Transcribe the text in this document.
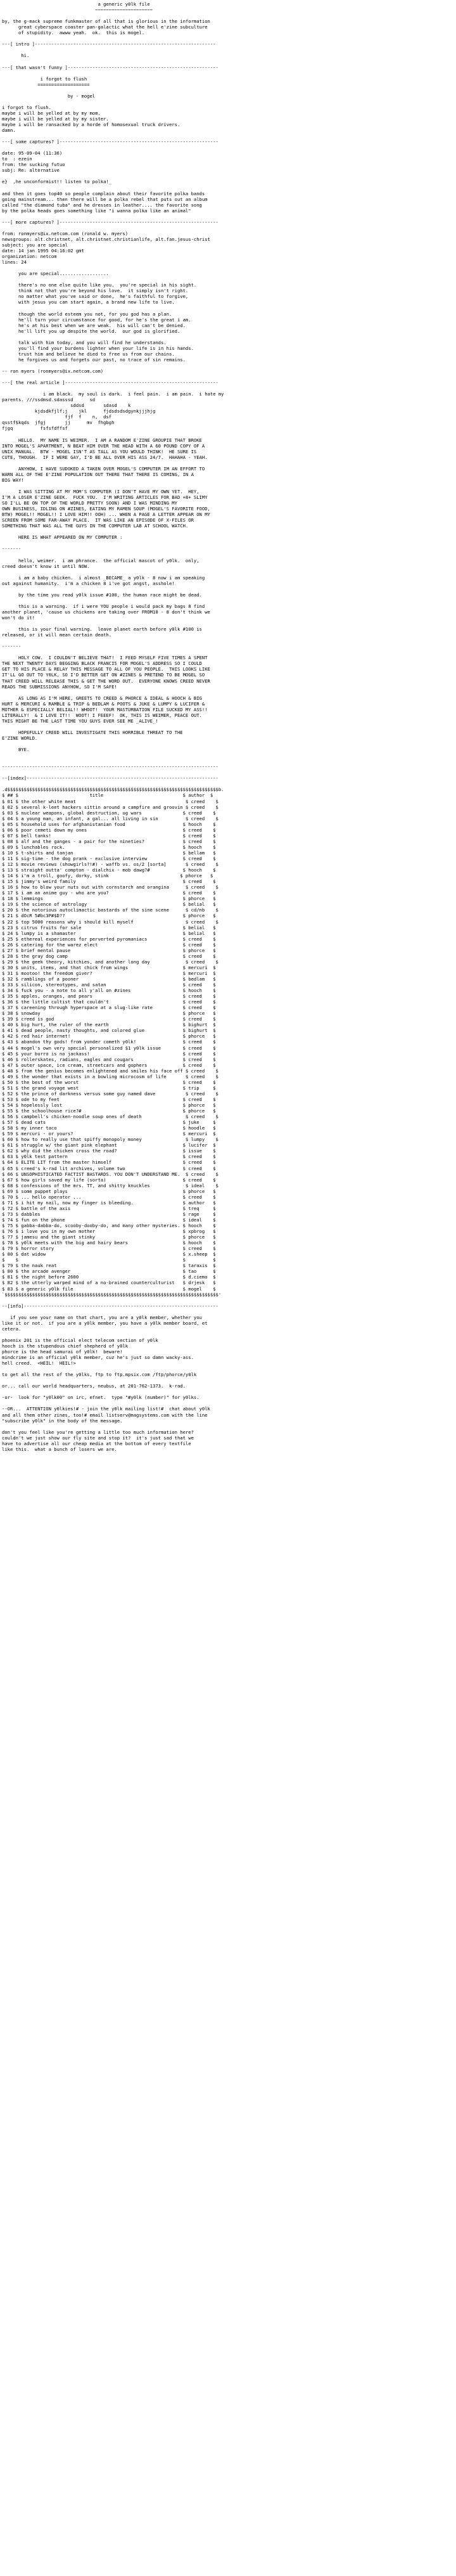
a generic y0lk file
~~~~~~~~~~~~~~~~~~~~~

by, the g-mack supreme funkmaster of all that is glorious in the information
great cyberspace coaster pan-galactic what the hell e'zine subculture
of stupidity.  awww yeah.  ok.  this is mogel.

---[ intro ]------------------------------------------------------------------

hi.

---[ that wasn't funny ]-------------------------------------------------------

i forgot to flush
===================

by - mogel

i forgot to flush.
maybe i will be yelled at by my mom.
maybe i will be yelled at by my sister.
maybe i will be ransacked by a horde of homosexual truck drivers.
damn.

---[ some captures? ]----------------------------------------------------------

date: 95-09-04 (11:36)
to  : ezein
from: the sucking futuo
subj: Re: alternative

e}  ,he unconformist!! listen to polka!_

and then it goes top40 so people complain about their favorite polka bands
going mainstream... then there will be a polka rebel that puts out an album
called "the diamond tuba" and he dresses in leather.... the favorite song
by the polka heads goes something like "i wanna polka like an animal"

---[ more captures? ]----------------------------------------------------------

from: ronmyers@ix.netcom.com (ronald w. myers)
newsgroups: alt.christnet, alt.christnet.christianlife, alt.fan.jesus-christ
subject: you are special
date: 14 jan 1995 04:16:02 gmt
organization: netcom
lines: 24

you are special..................

there's no one else quite like you.  you're special in his sight.
think not that you're beyond his love.  it simply isn't right.
no matter what you've said or done,  he's faithful to forgive,
with jesus you can start again, a brand new life to live.

though the world esteem you not, for you god has a plan.
he'll turn your circumstance for good, for he's the great i am.
he's at his best when we are weak.  his will can't be denied.
he'll lift you up despite the world.  our god is glorified.

talk with him today, and you will find he understands.
you'll find your burdens lighter when your life is in his hands.
trust him and believe he died to free us from our chains.
he forgives us and forgets our past, no trace of sin remains.

-- ron myers (ronmyers@ix.netcom.com)

---[ the real article ]--------------------------------------------------------

i am black.  my soul is dark.  i feel pain.  i am pain.  i hate my
parents. ///ssdmsd.sdasssd      sd
sddsd       sdasd    k
kjdsdkfjlf;j    jkl      fjdsdsdsdgynkjjjhjg
fjf  f    n,  dsf
qsstf$kqds  jfgj       jj      mv  fhgbgh
fjgq          fsfsfdffsf

HELLO.  MY NAME IS WEIMER.  I AM A RANDOM E'ZINE GROUPIE THAT BROKE
INTO MOGEL'S APARTMENT, N BEAT HIM OVER THE HEAD WITH A 60 POUND COPY OF A
UNIX MANUAL.  BTW - MOGEL ISN'T AS TALL AS YOU WOULD THINK!  HE SURE IS
CUTE, THOUGH.  IF I WERE GAY, I'D BE ALL OVER HIS ASS 24/7.  HAHAHA - YEAH.

ANYHOW, I HAVE SUDOKED A TAKEN OVER MOGEL'S COMPUTER IM AN EFFORT TO
WARN ALL OF THE E'ZINE POPULATION OUT THERE THAT THERE IS COMING, IN A
BIG WAY!

I WAS SITTING AT MY MOM'S COMPUTER (I DON'T HAVE MY OWN YET.  HEY,
I'M A LOSER E'ZINE GEEK.  FUCK YOU.  I'M WRITING ARTICLES FOR BAD +8+ SLIMY
SO I'LL BE ON TOP OF THE WORLD PRETTY SOON) AND I WAS MINDING MY
OWN BUSINESS, IDLING ON #ZINES, EATING MY RAMEN SOUP (MOGEL'S FAVORITE FOOD,
BTW) MOGEL!! MOGEL!! I LOVE HIM!! OOH) ... WHEN A PAGE A LETTER APPEAR ON MY
SCREEN FROM SOME FAR-AWAY PLACE.  IT WAS LIKE AN EPISODE OF X-FILES OR
SOMETHING THAT WAS ALL THE GUYS IN THE COMPUTER LAB AT SCHOOL WATCH.

HERE IS WHAT APPEARED ON MY COMPUTER :

-------

hello, weimer.  i am phrance.  the official mascot of y0lk.  only,
creed doesn't know it until NOW.

i am a baby chicken.  i almost _BECAME_ a y0lk - 8 now i am speaking
out against humanity.  i'm a chicken 8 i've got angst, asshole!

by the time you read y0lk issue #100, the human race might be dead.

this is a warning.  if i were YOU people i would pack my bags 8 find
another planet, 'cause us chickens are taking over FROM10 - 8 don't think we
won't do it!

this is your final warning.  leave planet earth before y0lk #100 is
released, or it will mean certain death.

-------

HOLY COW.  I COULDN'T BELIEVE THAT!  I FEED MYSELF FIVE TIMES A SPENT
THE NEXT TWENTY DAYS BEGGING BLACK FRANCIS FOR MOGEL'S ADDRESS SO I COULD
GET TO HIS PLACE & RELAY THIS MESSAGE TO ALL OF YOU PEOPLE.  THIS LOOKS LIKE
IT'LL GO OUT TO Y0LK, SO I'D BETTER GET ON #ZINES & PRETEND TO BE MOGEL SO
THAT CREED WILL RELEASE THIS & GET THE WORD OUT.  EVERYONE KNOWS CREED NEVER
READS THE SUBMISSIONS ANYHOW, SO I'M SAFE!

AS LONG AS I'M HERE, GREETS TO CREED & PHORCE & IDEAL & HOOCH & BIG
HURT & MERCURI & RAMBLE & TRIP & BEDLAM & POOTS & JUKE & LUMPY & LUCIFER &
MOTHER & ESPECIALLY BELIAL!! WHOOT!  YOUR MASTURBATION FILE SUCKED MY ASS!!
LITERALLY!  & I LOVE IT!!  WOOT! I FEEEF!  OK, THIS IS WEIMER, PEACE OUT.
THIS MIGHT BE THE LAST TIME YOU GUYS EVER SEE ME _ALIVE_!

HOPEFULLY CREED WILL INVESTIGATE THIS HORRIBLE THREAT TO THE
E'ZINE WORLD.

BYE.

-------------------------------------------------------------------------------

--[index]----------------------------------------------------------------------

.d$$$$$$$$$$$$$$$$$$$$$$$$$$$$$$$$$$$$$$$$$$$$$$$$$$$$$$$$$$$$$$$$$$$$$$$$$$$$$b.
$ ## $                          title                             $ author  $
$ 01 $ the other white meat                                        $ creed    $
$ 02 $ several k-leet hackers sittin around a campfire and groovin $ creed    $
$ 03 $ nuclear weapons, global destruction, ug wars               $ creed    $
$ 04 $ a young man, an infant, a gal... all living in sin          $ creed    $
$ 05 $ household uses for afghanistanian food                     $ hooch    $
$ 06 $ poor cemeti down my ones                                   $ creed    $
$ 07 $ bell tanks!                                                $ creed    $
$ 08 $ alf and the ganges - a pair for the nineties?              $ creed    $
$ 09 $ lunchables rock.                                           $ hooch    $
$ 10 $ t-shirts and tanjan                                        $ bellam   $
$ 11 $ sig-time - the dog prank - exclusive interview             $ creed    $
$ 12 $ movie reviews (showgirls?!#) - waffb vs. os/2 [sorta]       $ creed    $
$ 13 $ straight outta' compton - dialchix - mob dawg?#            $ hooch    $
$ 14 $ i'm a troll, goofy, dorky, stink                          $ phorce   $
$ 15 $ jimmy's weird family                                       $ creed    $
$ 16 $ how to blow your nuts out with cornstarch and orangina      $ creed    $
$ 17 $ i am an anime guy - who are you?                           $ creed    $
$ 18 $ lemmings                                                   $ phorce   $
$ 19 $ the science of astrology                                   $ belial   $
$ 20 $ the notorious autoclimactic bastards of the sine scene      $ cd/nb    $
$ 21 $ dOcR 5#bc3P#$D??                                           $ phorce   $
$ 22 $ top 5000 reasons why i should kill myself                   $ creed    $
$ 23 $ citrus fruits for sale                                     $ belial   $
$ 24 $ lumpy is a shamaster                                       $ belial   $
$ 25 $ ethereal experiences for perverted pyromaniacs             $ creed    $
$ 26 $ catering for the warez elect                               $ creed    $
$ 27 $ brief mental pause                                         $ phorce   $
$ 28 $ the gray dog camp                                          $ creed    $
$ 29 $ the geek theory, kitchies, and another long day             $ creed    $
$ 30 $ units, items, and that chick from wings                    $ mercuri  $
$ 31 $ mootoo! the freedom giver?                                 $ mercuri  $
$ 32 $ ramblings of a pooner                                      $ bedlam   $
$ 33 $ silicon, stereotypes, and satan                            $ creed    $
$ 34 $ fuck you - a note to all y'all on #zines                   $ hooch    $
$ 35 $ apples, oranges, and pears                                 $ creed    $
$ 36 $ the little cultist that couldn't                           $ creed    $
$ 37 $ careening through hyperspace at a slug-like rate           $ creed    $
$ 38 $ snowday                                                    $ phorce   $
$ 39 $ creed is god                                               $ creed    $
$ 40 $ big hurt, the ruler of the earth                           $ bighurt  $
$ 41 $ dead people, nasty thoughts, and colored glue              $ bighurt  $
$ 42 $ red hair internet!                                         $ phorce   $
$ 43 $ abandon thy gods! from yonder cometh y0lk!                 $ creed    $
$ 44 $ mogel's own very special personalized $1 y0lk issue        $ creed    $
$ 45 $ your burro is no jackass!                                  $ creed    $
$ 46 $ rollerskates, radians, eagles and cougars                  $ creed    $
$ 47 $ outer space, ice cream, streetcars and gophers             $ creed    $
$ 48 $ from the genius becomes enlightened and smiles his face off $ creed    $
$ 49 $ the wonder that exists in a bowling microcosm of life       $ creed    $
$ 50 $ the best of the worst                                      $ creed    $
$ 51 $ the grand voyage west                                      $ trip     $
$ 52 $ the prince of darkness versus some guy named dave           $ creed    $
$ 53 $ ode to my feet                                             $ creed    $
$ 54 $ hopelessly lost                                            $ phorce   $
$ 55 $ the schoolhouse rice?#                                     $ phorce   $
$ 56 $ campbell's chicken-noodle soup ones of death                $ creed    $
$ 57 $ dead cats                                                  $ juke     $
$ 58 $ my inner taco                                              $ hoodle   $
$ 59 $ mercuri - or yours?                                        $ mercuri  $
$ 60 $ how to really use that spiffy monopoly money                $ lumpy    $
$ 61 $ struggle w/ the giant pink elephant                        $ lucifer  $
$ 62 $ why did the chicken cross the road?                        $ issue    $
$ 63 $ y0lk test pattern                                          $ creed    $
$ 64 $ ELITE LIT from the master himself                          $ creed    $
$ 65 $ creed's k-rad lit archives, volume two                     $ creed    $
$ 66 $ UNSOPHISTICATED FACTIST BASTARDS. YOU DON'T UNDERSTAND ME.  $ creed    $
$ 67 $ how girls saved my life (sorta)                            $ creed    $
$ 68 $ confessions of the mrs. TT, and shitty knuckles             $ ideal    $
$ 69 $ some puppet plays                                          $ phorce   $
$ 70 $ ... hello operator ...                                     $ creed    $
$ 71 $ i hit my nail, now my finger is bleeding.                  $ author   $
$ 72 $ battle of the axis                                         $ treq     $
$ 73 $ dabbles                                                    $ rage     $
$ 74 $ fun on the phone                                           $ ideal    $
$ 75 $ gabba-dabba-do, scooby-dooby-do, and many other mysteries. $ hooch    $
$ 76 $ i love you in my own mother                                $ xpbrog   $
$ 77 $ jamesu and the giant stinky                                $ phorce   $
$ 78 $ y0lk meets with the big and hairy bears                    $ hooch    $
$ 79 $ horror story                                               $ creed    $
$ 80 $ dat widow                                                  $ x.sheep  $
$    $                                                            $          $
$ 79 $ the nauk reat                                              $ taraxis  $
$ 80 $ the arcade avenger                                         $ tao      $
$ 81 $ the night before 2600                                      $ d.ciemo  $
$ 82 $ the utterly warped mind of a no-brained counterculturist   $ drjesk   $
$ 83 $ a generic y0lk file                                        $ mogel    $
`$$$$$$$$$$$$$$$$$$$$$$$$$$$$$$$$$$$$$$$$$$$$$$$$$$$$$$$$$$$$$$$$$$$$$$$$$$$$$$'

--[info]-----------------------------------------------------------------------

if you see your name on that chart, you are a y0lk member, whether you
like it or not.  if you are a y0lk member, you have a y0lk member board, et
cetera.

phoenix 201 is the official elect telecom section of y0lk
hooch is the stupendous chief shepherd of y0lk
phorce is the head samurai of y0lk!  beware!
mindcrime is an official y0lk member, cuz he's just so damn wacky-ass.
hell creed.  <HEIL!  HEIL!>

to get all the rest of the y0lks, ftp to ftp.mpsix.com /ftp/phorce/y0lk

or... call our world headquarters, neubus, at 201-762-1373.  k-rad.

-or-  look for "y0lk00" on irc, efnet.  type "#y0lk (number)" for y0lks.

--OR...  ATTENTION y0lkies!# - join the y0lk mailing list!#  chat about y0lk
and all them other zines, too!# email listserv@magsystems.com with the line
"subscribe y0lk" in the body of the message.

don't you feel like you're getting a little too much information here?
couldn't we just show our fly site and stop it?  it's just sad that we
have to advertise all our cheap media at the bottom of every textfile
like this.  what a bunch of losers we are.
